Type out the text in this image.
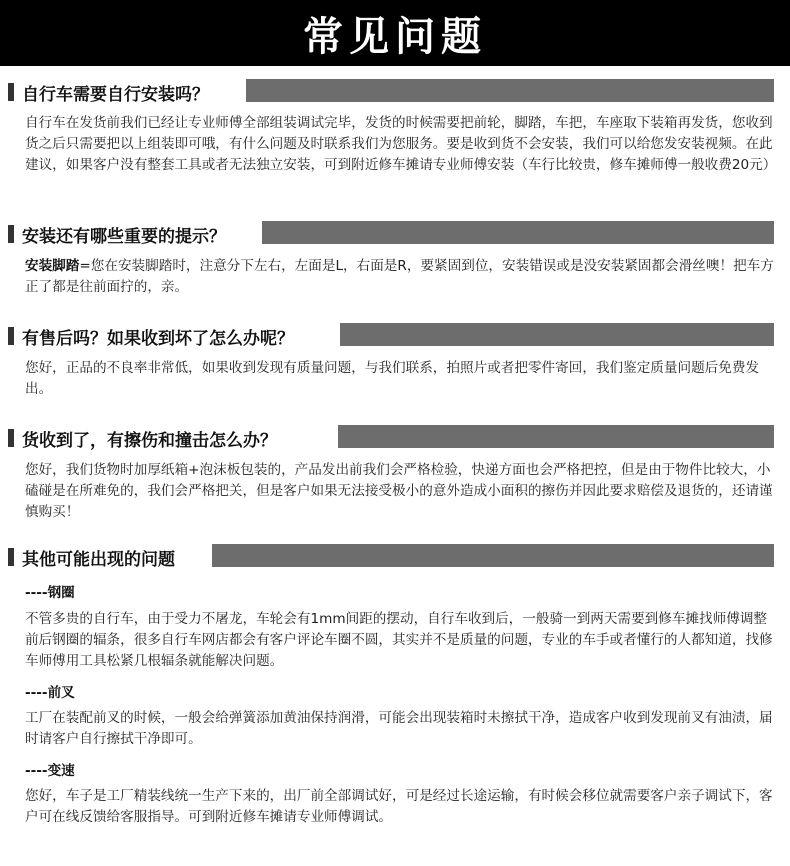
常见问题
自行车需要自行安装吗？
自行车在发货前我们已经让专业师傅全部组装调试完毕，发货的时候需要把前轮，脚踏，车把，车座取下装箱再发货，您收到货之后只需要把以上组装即可哦，有什么问题及时联系我们为您服务。要是收到货不会安装，我们可以给您发安装视频。在此建议，如果客户没有整套工具或者无法独立安装，可到附近修车摊请专业师傅安装（车行比较贵，修车摊师傅一般收费20元）
安装还有哪些重要的提示？
安装脚踏=您在安装脚踏时，注意分下左右，左面是L，右面是R，要紧固到位，安装错误或是没安装紧固都会滑丝噢！把车方正了都是往前面拧的，亲。
有售后吗？如果收到坏了怎么办呢？
您好，正品的不良率非常低，如果收到发现有质量问题，与我们联系，拍照片或者把零件寄回，我们鉴定质量问题后免费发出。
货收到了，有擦伤和撞击怎么办？
您好，我们货物时加厚纸箱+泡沫板包装的，产品发出前我们会严格检验，快递方面也会严格把控，但是由于物件比较大，小磕碰是在所难免的，我们会严格把关，但是客户如果无法接受极小的意外造成小面积的擦伤并因此要求赔偿及退货的，还请谨慎购买！
其他可能出现的问题
----钢圈
不管多贵的自行车，由于受力不屠龙，车轮会有1mm间距的摆动，自行车收到后，一般骑一到两天需要到修车摊找师傅调整前后钢圈的辐条，很多自行车网店都会有客户评论车圈不圆，其实并不是质量的问题，专业的车手或者懂行的人都知道，找修车师傅用工具松紧几根辐条就能解决问题。
----前叉
工厂在装配前叉的时候，一般会给弹簧添加黄油保持润滑，可能会出现装箱时未擦拭干净，造成客户收到发现前叉有油渍，届时请客户自行擦拭干净即可。
----变速
您好，车子是工厂精装线统一生产下来的，出厂前全部调试好，可是经过长途运输，有时候会移位就需要客户亲子调试下，客户可在线反馈给客服指导。可到附近修车摊请专业师傅调试。
